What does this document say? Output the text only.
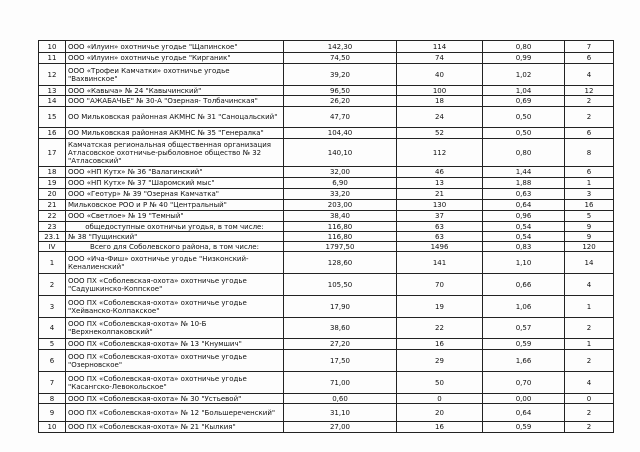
10	ООО «Илуин» охотничье угодье "Щапинское"	142,30	114	0,80	7
11	ООО «Илуин» охотничье угодье "Кирганик"	74,50	74	0,99	6
12	ООО «Трофеи Камчатки» охотничье угодье "Вахвинское"	39,20	40	1,02	4
13	ООО «Кавыча» № 24 "Кавычинский"	96,50	100	1,04	12
14	ООО "АЖАБАЧЬЕ" № 30-А "Озерная- Толбачинская"	26,20	18	0,69	2
15	ОО Мильковская районная АКМНС № 31 "Саноцальский"	47,70	24	0,50	2
16	ОО Мильковская районная АКМНС № 35 "Генералка"	104,40	52	0,50	6
17	Камчатская региональная общественная организация Атласовское охотничье-рыболовное общество № 32 "Атласовский"	140,10	112	0,80	8
18	ООО «НП Кутх» № 36 "Валагинский"	32,00	46	1,44	6
19	ООО «НП Кутх» № 37 "Шаромский мыс"	6,90	13	1,88	1
20	ООО «Геотур» № 39 "Озерная Камчатка"	33,20	21	0,63	3
21	Мильковское РОО и Р № 40 "Центральный"	203,00	130	0,64	16
22	ООО «Светлое» № 19 "Темный"	38,40	37	0,96	5
23	общедоступные охотничьи угодья, в том числе:	116,80	63	0,54	9
23.1	№ 38 "Пущинский"	116,80	63	0,54	9
IV	Всего для Соболевского района, в том числе:	1797,50	1496	0,83	120
1	ООО «Ича-Фиш» охотничье угодье "Низконский-Кеналиенский"	128,60	141	1,10	14
2	ООО ПХ «Соболевская-охота» охотничье угодье "Садушкинско-Коппское"	105,50	70	0,66	4
3	ООО ПХ «Соболевская-охота» охотничье угодье "Хейванско-Колпакское"	17,90	19	1,06	1
4	ООО ПХ «Соболевская-охота» № 10-Б "Верхнеколпаковский"	38,60	22	0,57	2
5	ООО ПХ «Соболевская-охота» № 13 "Кнумшич"	27,20	16	0,59	1
6	ООО ПХ «Соболевская-охота» охотничье угодье "Озерновское"	17,50	29	1,66	2
7	ООО ПХ «Соболевская-охота» охотничье угодье "Касангско-Левокольское"	71,00	50	0,70	4
8	ООО ПХ «Соболевская-охота» № 30 "Устьевой"	0,60	0	0,00	0
9	ООО ПХ «Соболевская-охота» № 12 "Большереченский"	31,10	20	0,64	2
10	ООО ПХ «Соболевская-охота» № 21 "Кылкия"	27,00	16	0,59	2
